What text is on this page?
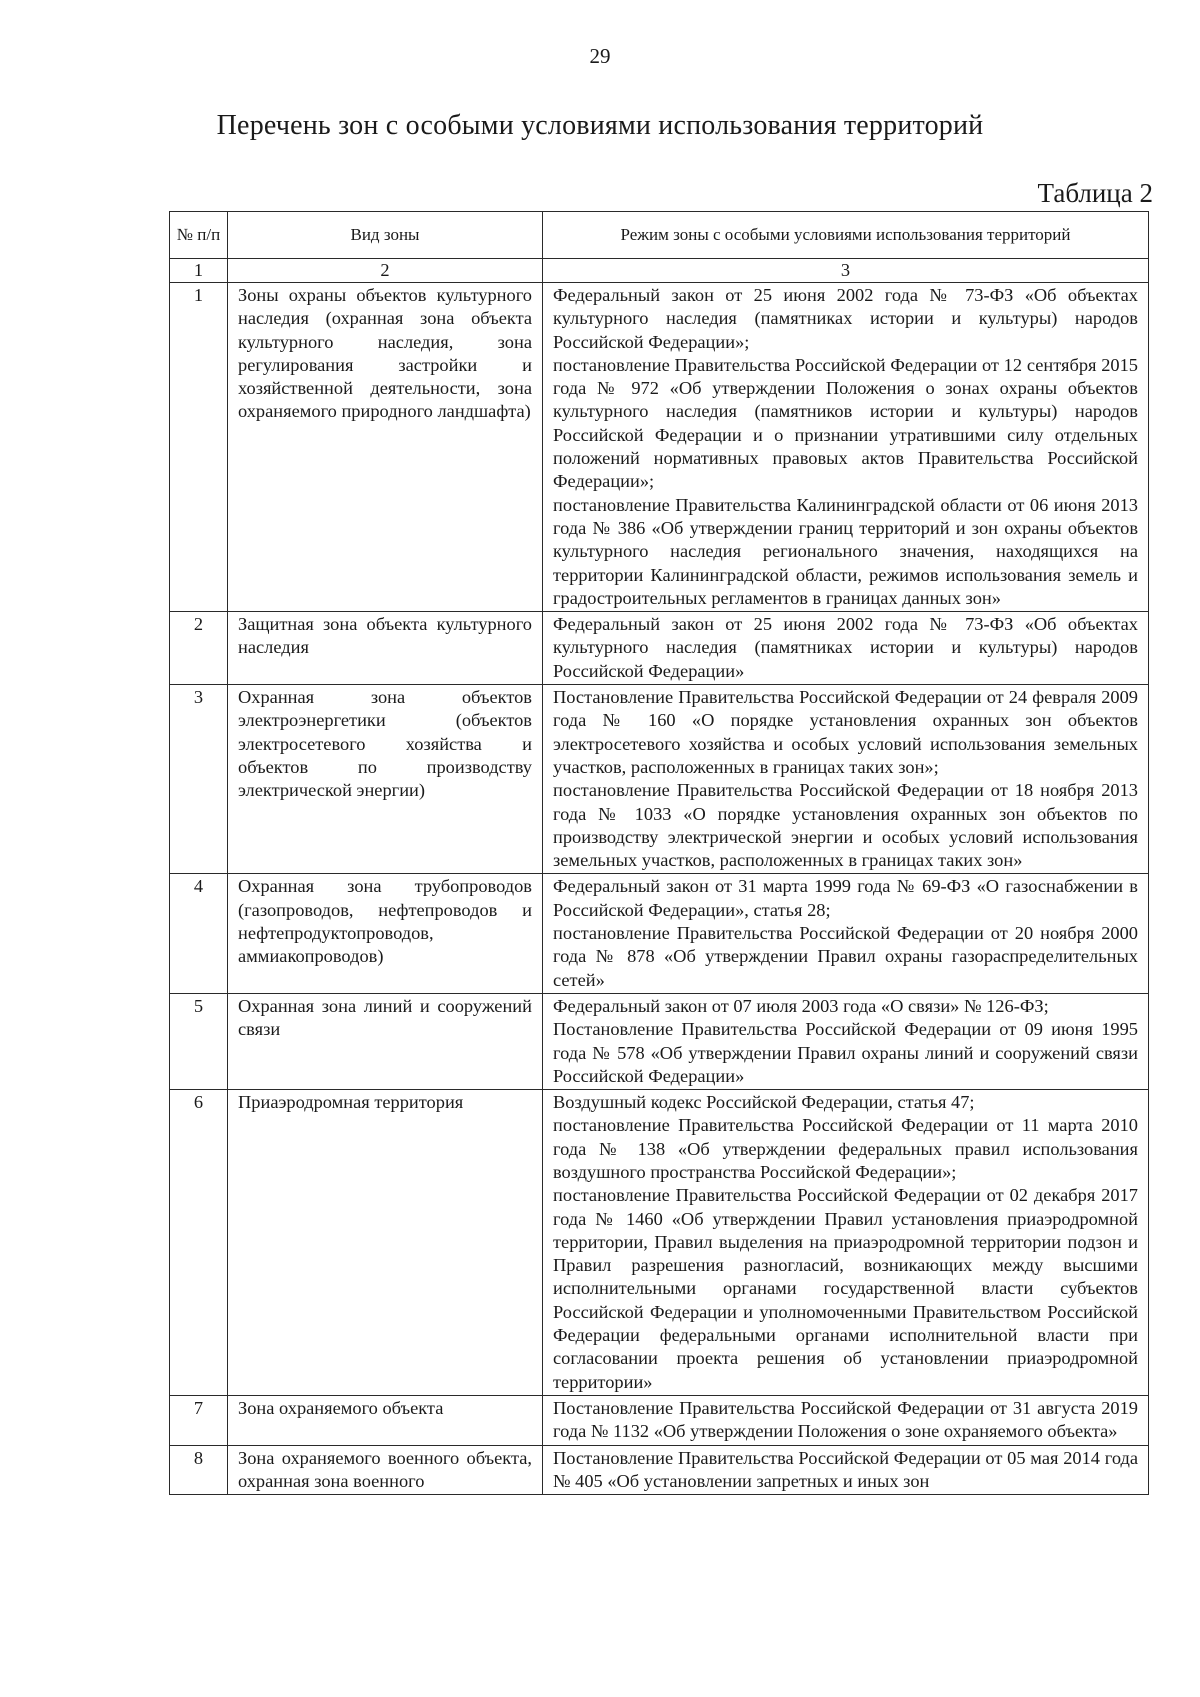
29
Перечень зон с особыми условиями использования территорий
Таблица 2
№ п/п	Вид зоны	Режим зоны с особыми условиями использования территорий
1	2	3
1	Зоны охраны объектов культурного наследия (охранная зона объекта культурного наследия, зона регулирования застройки и хозяйственной деятельности, зона охраняемого природного ландшафта)	Федеральный закон от 25 июня 2002 года № 73-ФЗ «Об объектах культурного наследия (памятниках истории и культуры) народов Российской Федерации»;
постановление Правительства Российской Федерации от 12 сентября 2015 года № 972 «Об утверждении Положения о зонах охраны объектов культурного наследия (памятников истории и культуры) народов Российской Федерации и о признании утратившими силу отдельных положений нормативных правовых актов Правительства Российской Федерации»;
постановление Правительства Калининградской области от 06 июня 2013 года № 386 «Об утверждении границ территорий и зон охраны объектов культурного наследия регионального значения, находящихся на территории Калининградской области, режимов использования земель и градостроительных регламентов в границах данных зон»

2	Защитная зона объекта культурного наследия	Федеральный закон от 25 июня 2002 года № 73-ФЗ «Об объектах культурного наследия (памятниках истории и культуры) народов Российской Федерации»

3	Охранная зона объектов электроэнергетики (объектов электросетевого хозяйства и объектов по производству электрической энергии)	Постановление Правительства Российской Федерации от 24 февраля 2009 года № 160 «О порядке установления охранных зон объектов электросетевого хозяйства и особых условий использования земельных участков, расположенных в границах таких зон»;
постановление Правительства Российской Федерации от 18 ноября 2013 года № 1033 «О порядке установления охранных зон объектов по производству электрической энергии и особых условий использования земельных участков, расположенных в границах таких зон»

4	Охранная зона трубопроводов (газопроводов, нефтепроводов и нефтепродуктопроводов, аммиакопроводов)	Федеральный закон от 31 марта 1999 года № 69-ФЗ «О газоснабжении в Российской Федерации», статья 28;
постановление Правительства Российской Федерации от 20 ноября 2000 года № 878 «Об утверждении Правил охраны газораспределительных сетей»

5	Охранная зона линий и сооружений связи	Федеральный закон от 07 июля 2003 года «О связи» № 126-ФЗ;
Постановление Правительства Российской Федерации от 09 июня 1995 года № 578 «Об утверждении Правил охраны линий и сооружений связи Российской Федерации»

6	Приаэродромная территория	Воздушный кодекс Российской Федерации, статья 47;
постановление Правительства Российской Федерации от 11 марта 2010 года № 138 «Об утверждении федеральных правил использования воздушного пространства Российской Федерации»;
постановление Правительства Российской Федерации от 02 декабря 2017 года № 1460 «Об утверждении Правил установления приаэродромной территории, Правил выделения на приаэродромной территории подзон и Правил разрешения разногласий, возникающих между высшими исполнительными органами государственной власти субъектов Российской Федерации и уполномоченными Правительством Российской Федерации федеральными органами исполнительной власти при согласовании проекта решения об установлении приаэродромной территории»

7	Зона охраняемого объекта	Постановление Правительства Российской Федерации от 31 августа 2019 года № 1132 «Об утверждении Положения о зоне охраняемого объекта»

8	Зона охраняемого военного объекта, охранная зона военного	Постановление Правительства Российской Федерации от 05 мая 2014 года № 405 «Об установлении запретных и иных зон
